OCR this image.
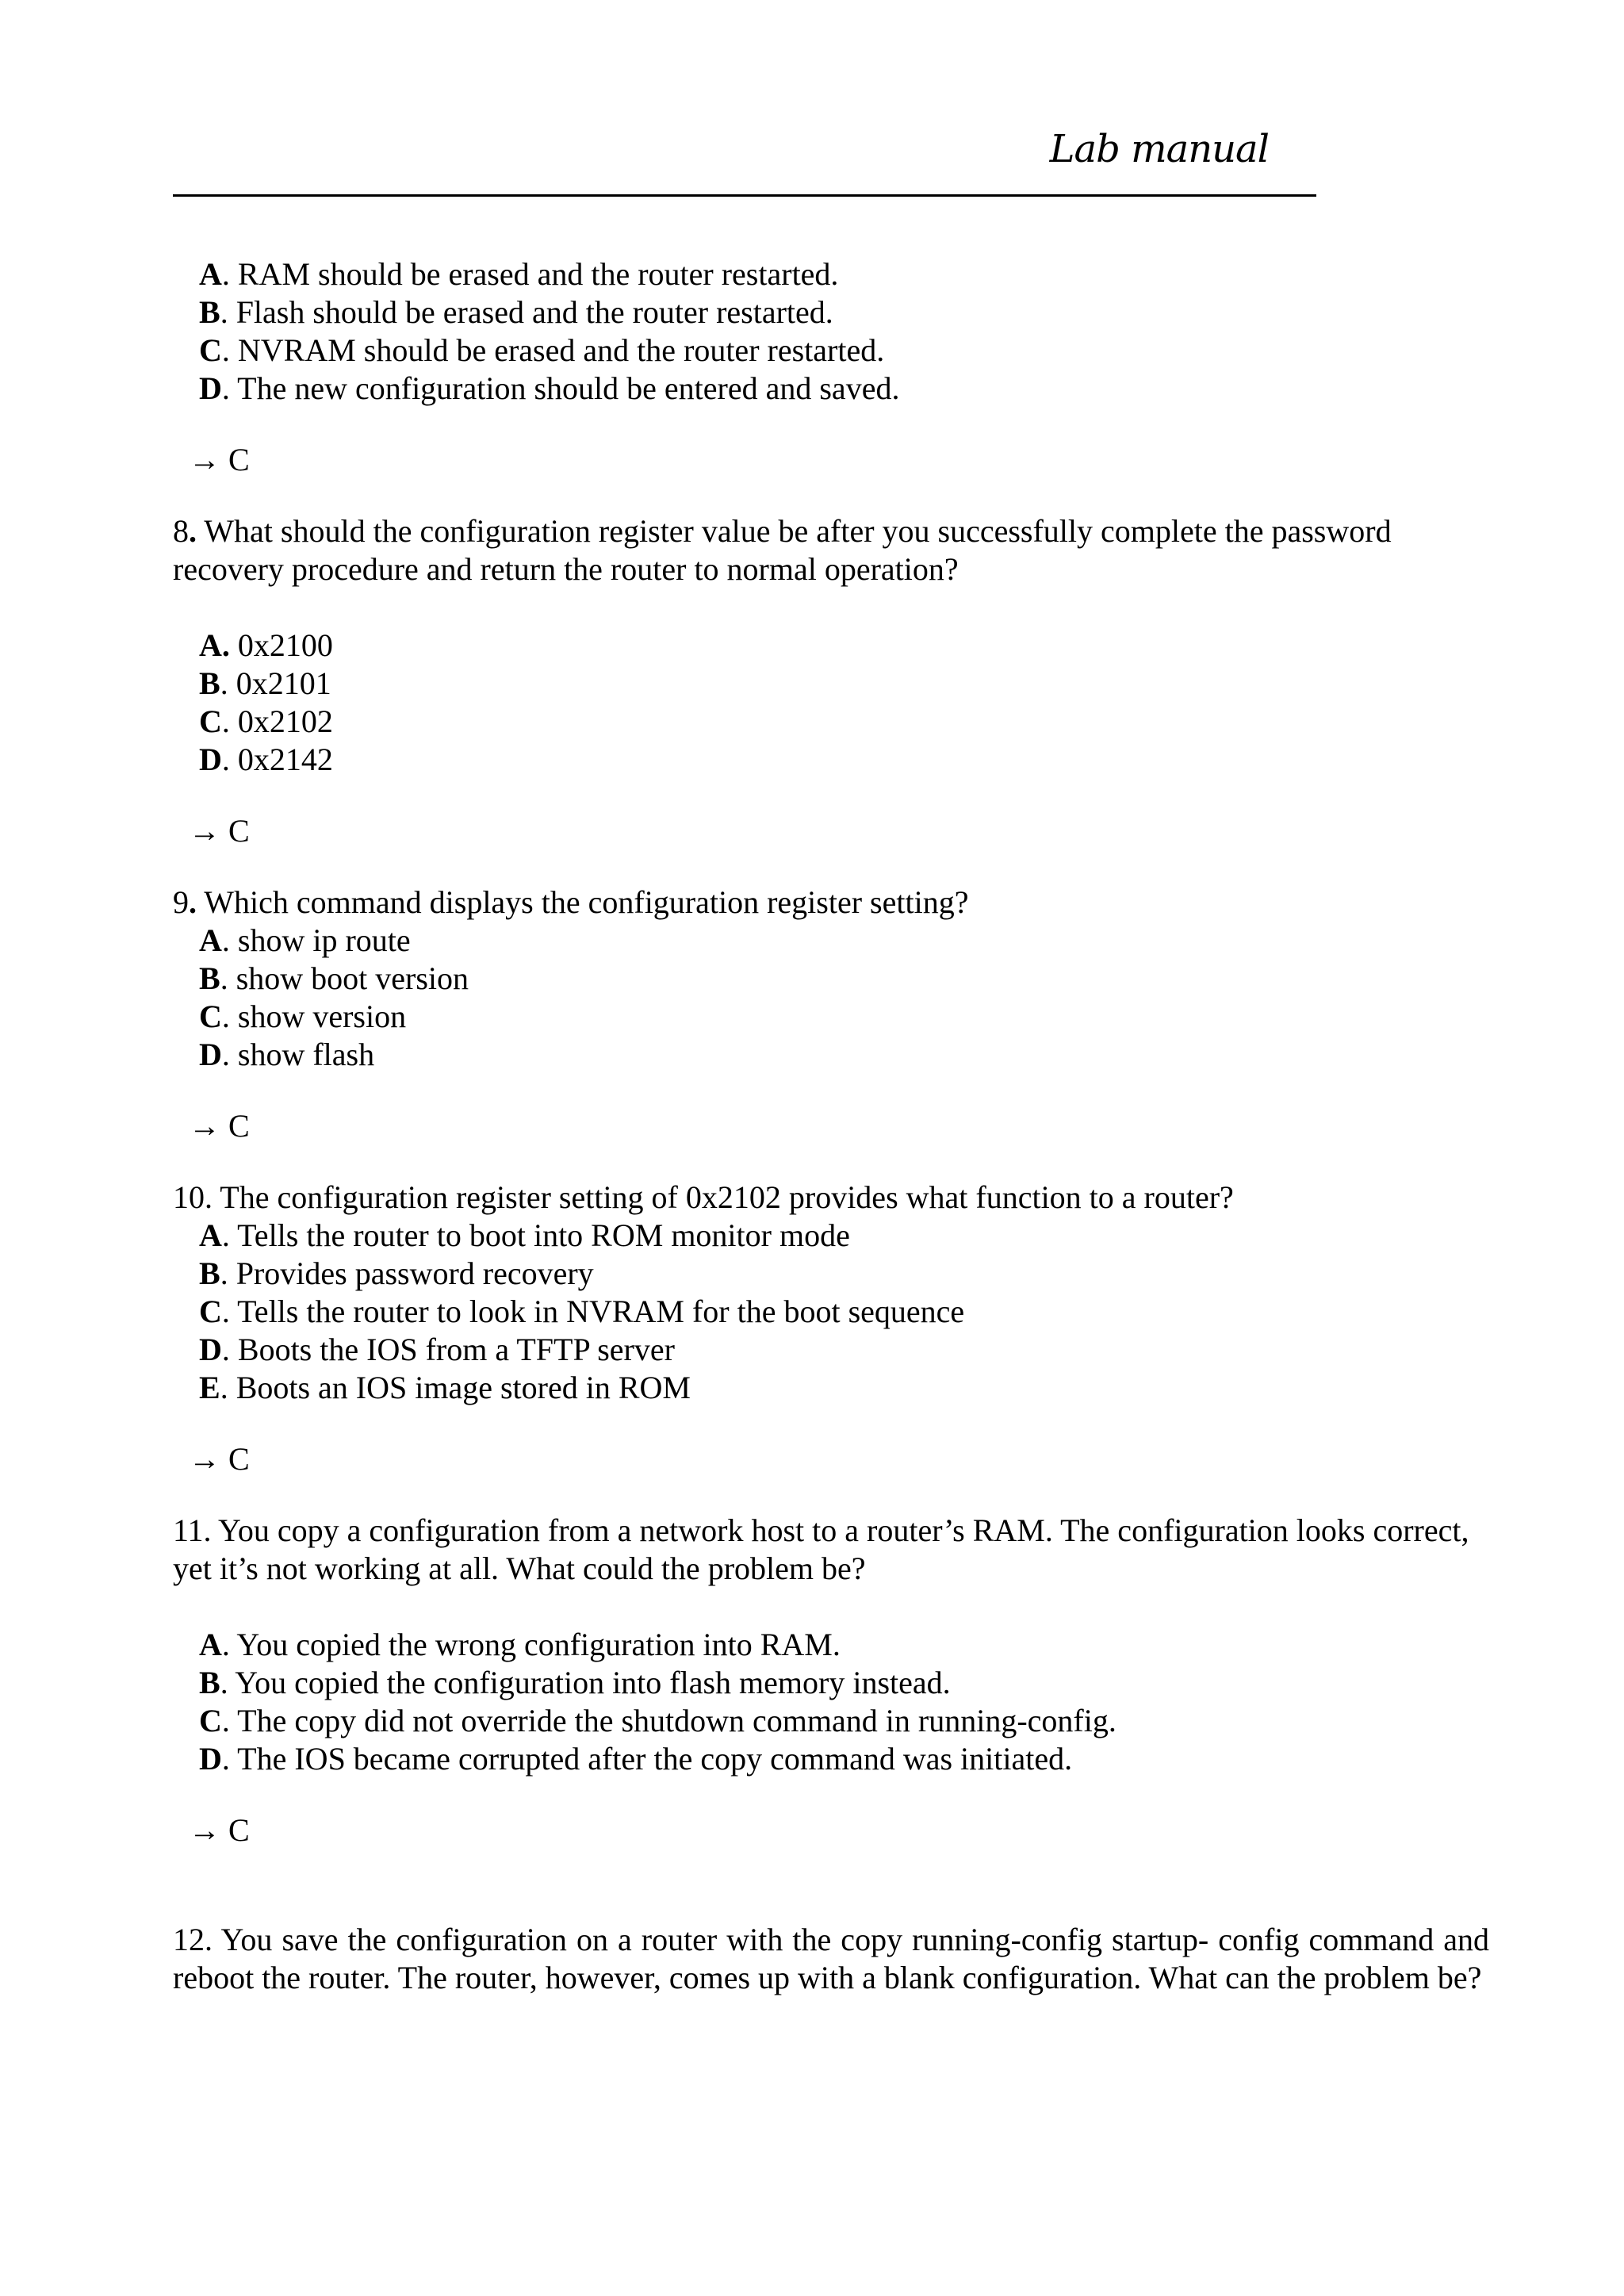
Lab manual
A. RAM should be erased and the router restarted.
B. Flash should be erased and the router restarted.
C. NVRAM should be erased and the router restarted.
D. The new configuration should be entered and saved.
→ C

8. What should the configuration register value be after you successfully complete the password recovery procedure and return the router to normal operation?

A. 0x2100
B. 0x2101
C. 0x2102
D. 0x2142
→ C

9. Which command displays the configuration register setting?

A. show ip route
B. show boot version
C. show version
D. show flash
→ C

10. The configuration register setting of 0x2102 provides what function to a router?

A. Tells the router to boot into ROM monitor mode
B. Provides password recovery
C. Tells the router to look in NVRAM for the boot sequence
D. Boots the IOS from a TFTP server
E. Boots an IOS image stored in ROM
→ C

11. You copy a configuration from a network host to a router’s RAM. The configuration looks correct, yet it’s not working at all. What could the problem be?

A. You copied the wrong configuration into RAM.
B. You copied the configuration into flash memory instead.
C. The copy did not override the shutdown command in running-config.
D. The IOS became corrupted after the copy command was initiated.
→ C

12. You save the configuration on a router with the copy running-config startup- config command and reboot the router. The router, however, comes up with a blank configuration. What can the problem be?
